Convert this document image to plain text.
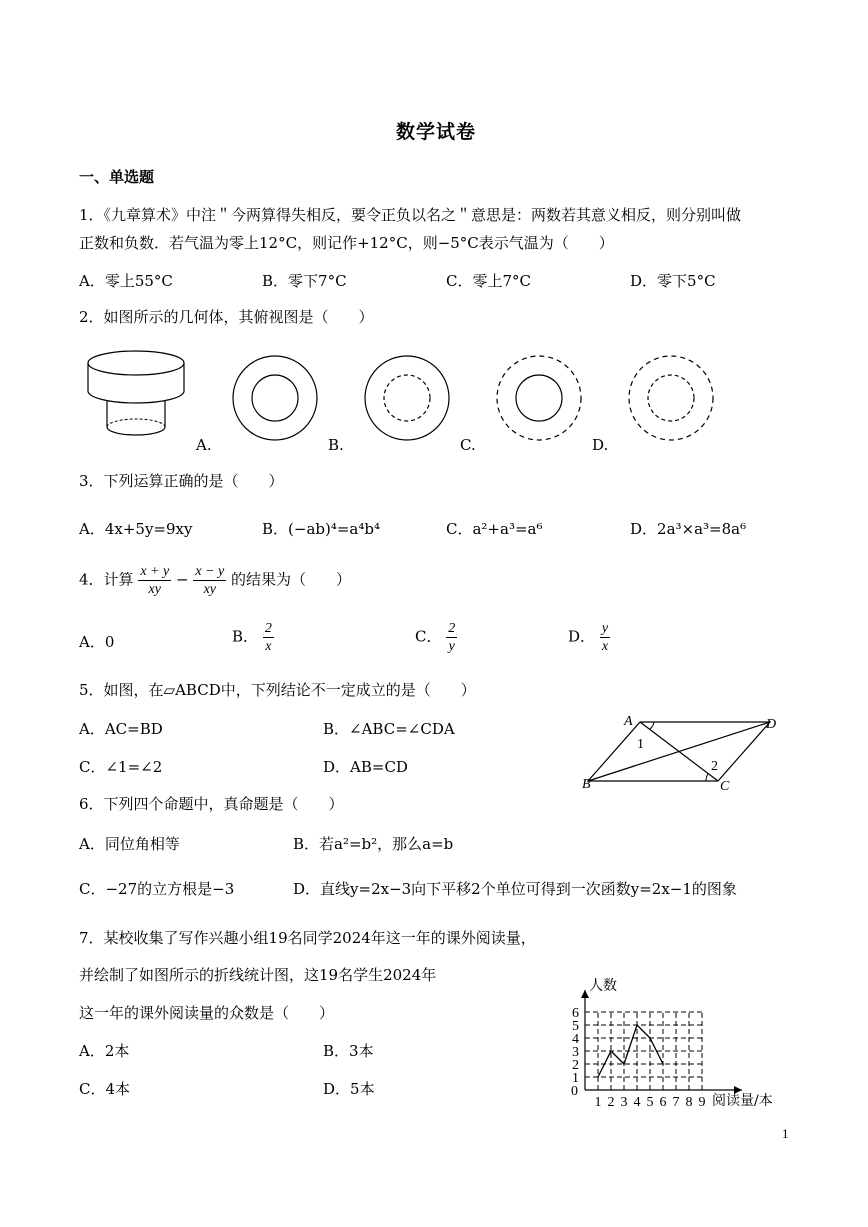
数学试卷
一、单选题
1．《九章算术》中注＂今两算得失相反，要令正负以名之＂意思是：两数若其意义相反，则分别叫做
正数和负数．若气温为零上12°C，则记作+12°C，则−5°C表示气温为（　　）
A．零上55°C	B．零下7°C	C．零上7°C	D．零下5°C
2．如图所示的几何体，其俯视图是（　　）
A.	B.	C.	D.
3．下列运算正确的是（　　）
A．4x+5y=9xy	B．(−ab)⁴=a⁴b⁴	C．a²+a³=a⁶	D．2a³×a³=8a⁶
4．计算 $\frac{x + y}{xy} - \frac{x - y}{xy}$ 的结果为（　　）
A．0	B． $\frac{2}{x}$	C． $\frac{2}{y}$	D． $\frac{y}{x}$
5．如图，在▱ABCD中，下列结论不一定成立的是（　　）
A．AC=BD	B．∠ABC=∠CDA
C．∠1=∠2	D．AB=CD
A	D
B	C
1
2
6．下列四个命题中，真命题是（　　）
A．同位角相等	B．若a²=b²，那么a=b
C．−27的立方根是−3	D．直线y=2x−3向下平移2个单位可得到一次函数y=2x−1的图象
7．某校收集了写作兴趣小组19名同学2024年这一年的课外阅读量，
并绘制了如图所示的折线统计图，这19名学生2024年
这一年的课外阅读量的众数是（　　）
A．2本	B．3本
C．4本	D．5本
人数
阅读量/本
0
1 2 3 4 5 6 7 8 9
1
2
3
4
5
6
1
